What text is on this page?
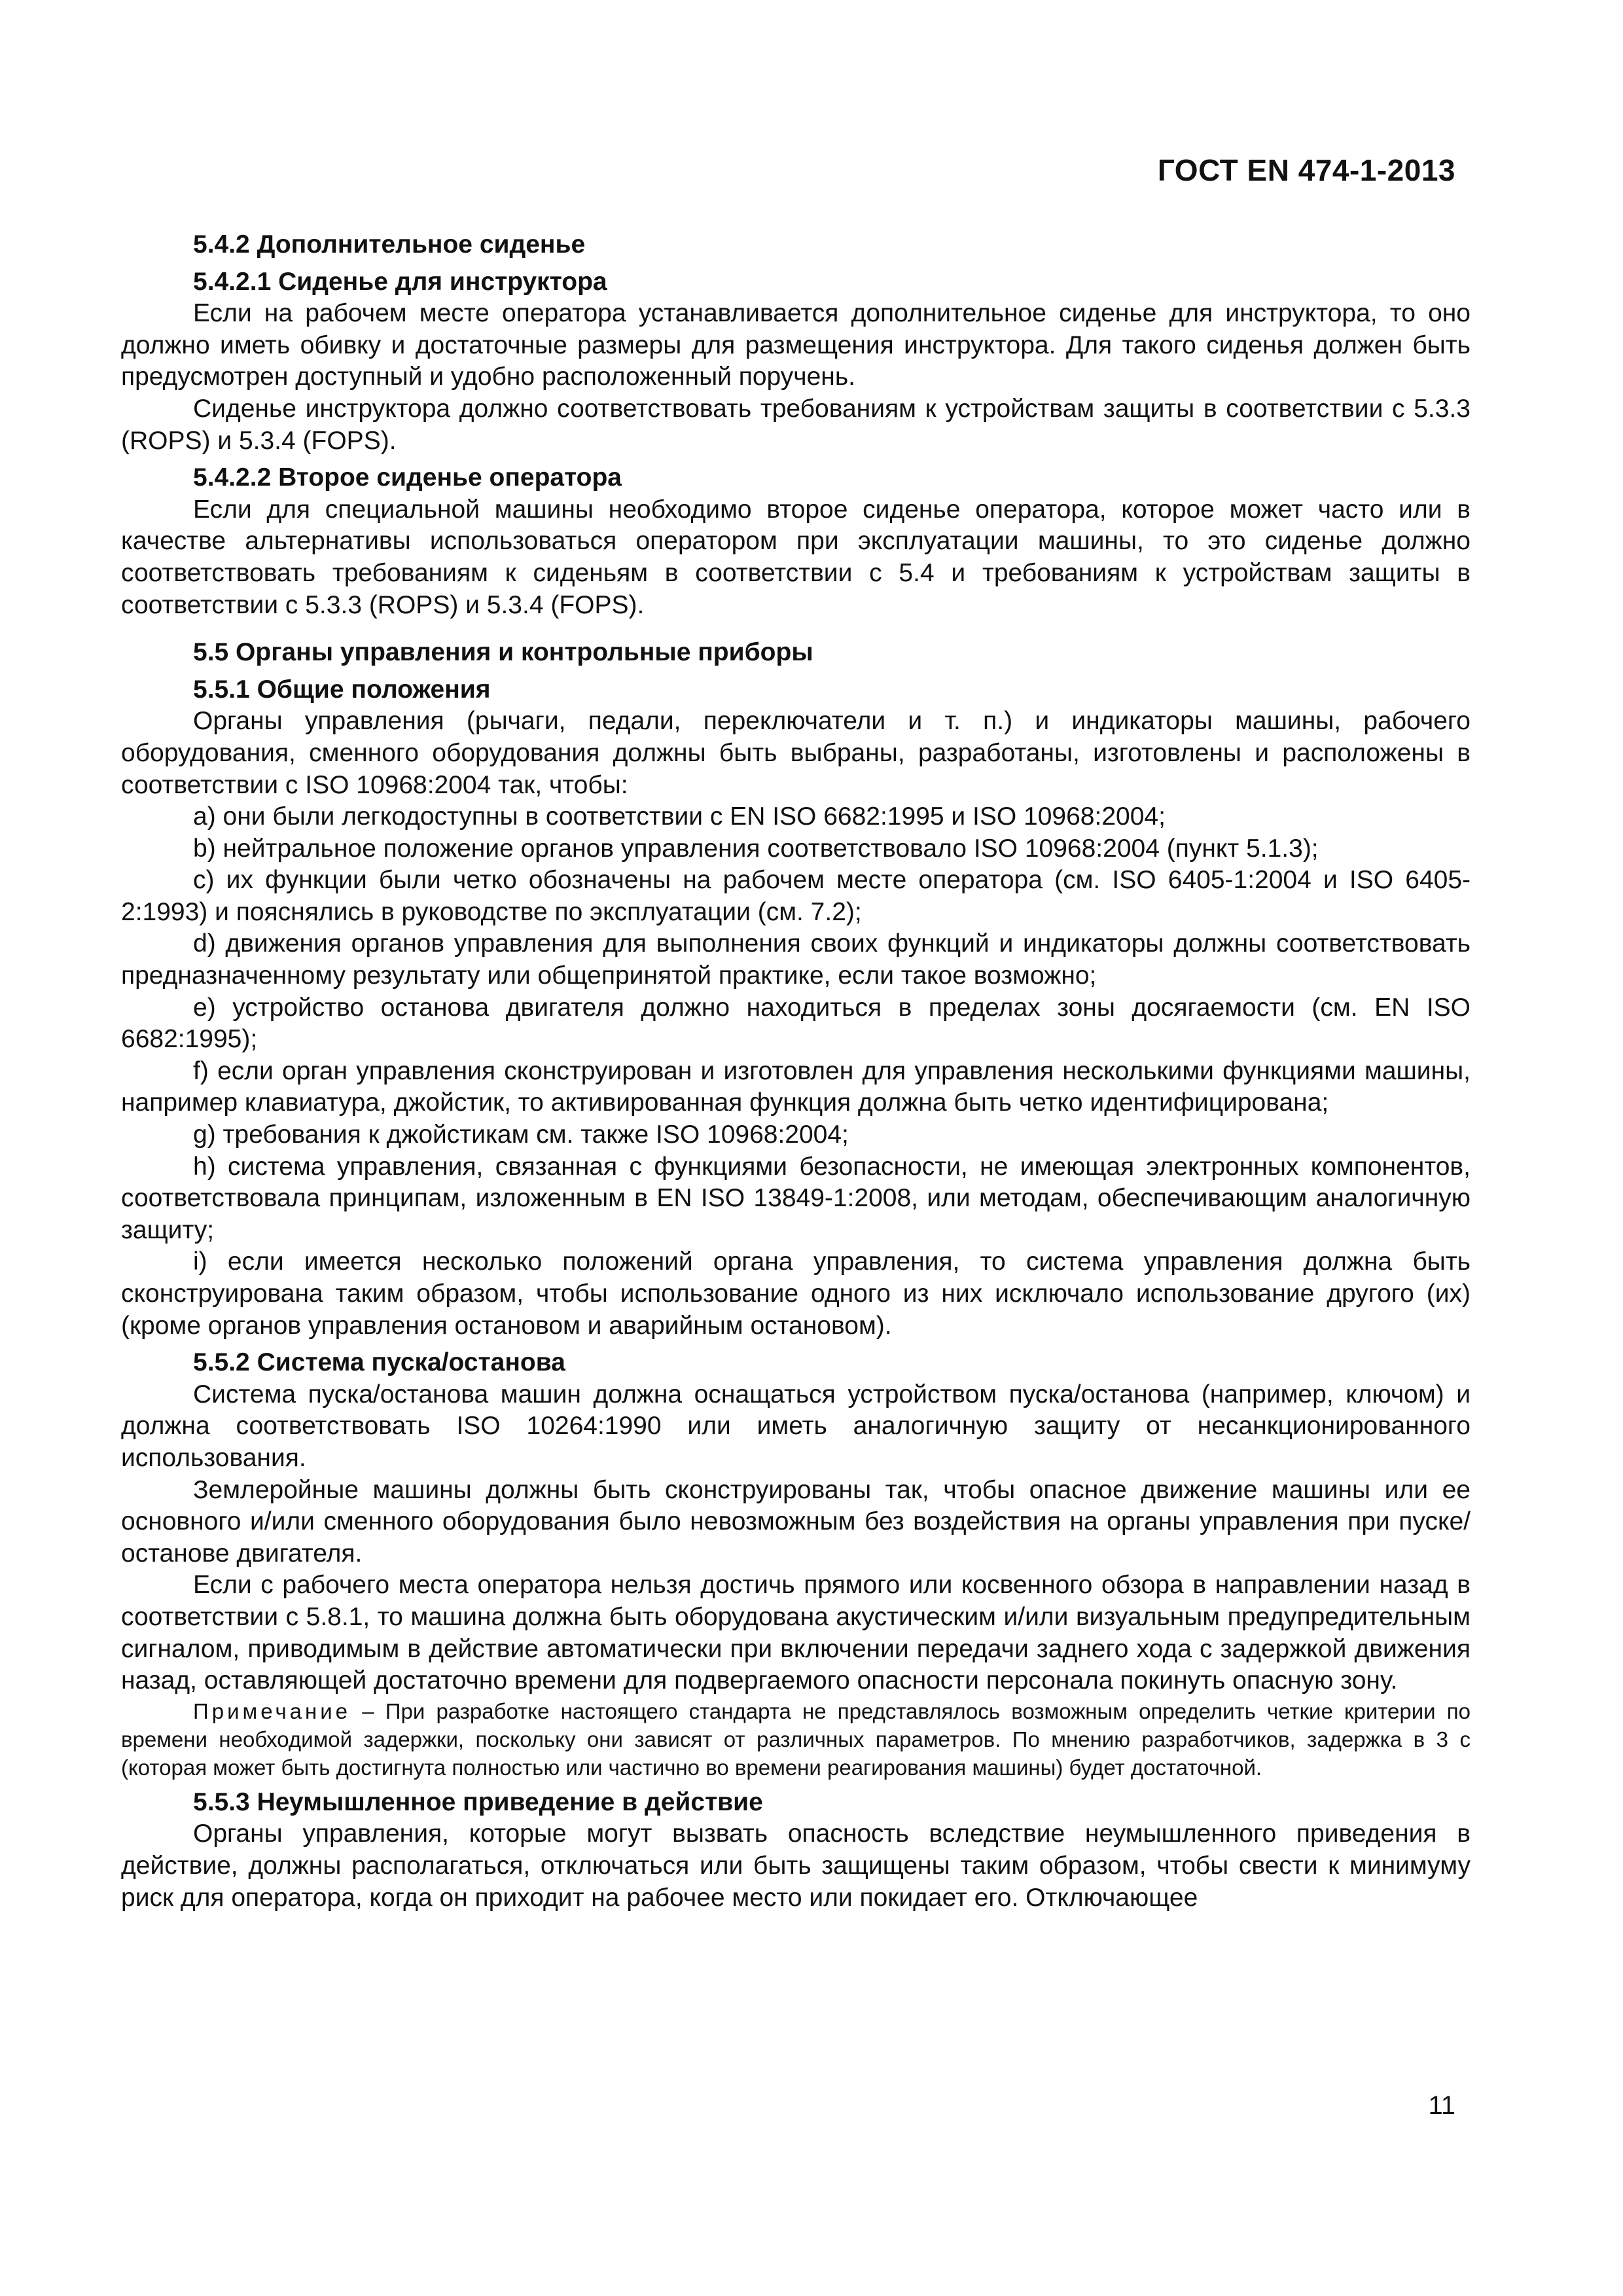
ГОСТ EN 474-1-2013
5.4.2 Дополнительное сиденье
5.4.2.1 Сиденье для инструктора

Если на рабочем месте оператора устанавливается дополнительное сиденье для инструктора, то оно должно иметь обивку и достаточные размеры для размещения инструктора. Для такого сиденья должен быть предусмотрен доступный и удобно расположенный поручень.

Сиденье инструктора должно соответствовать требованиям к устройствам защиты в соответствии с 5.3.3 (ROPS) и 5.3.4 (FOPS).

5.4.2.2 Второе сиденье оператора

Если для специальной машины необходимо второе сиденье оператора, которое может часто или в качестве альтернативы использоваться оператором при эксплуатации машины, то это сиденье должно соответствовать требованиям к сиденьям в соответствии с 5.4 и требованиям к устройствам защиты в соответствии с 5.3.3 (ROPS) и 5.3.4 (FOPS).

5.5 Органы управления и контрольные приборы
5.5.1 Общие положения

Органы управления (рычаги, педали, переключатели и т. п.) и индикаторы машины, рабочего оборудования, сменного оборудования должны быть выбраны, разработаны, изготовлены и расположены в соответствии с ISO 10968:2004 так, чтобы:

a) они были легкодоступны в соответствии с EN ISO 6682:1995 и ISO 10968:2004;

b) нейтральное положение органов управления соответствовало ISO 10968:2004 (пункт 5.1.3);

c) их функции были четко обозначены на рабочем месте оператора (см. ISO 6405-1:2004 и ISO 6405-2:1993) и пояснялись в руководстве по эксплуатации (см. 7.2);

d) движения органов управления для выполнения своих функций и индикаторы должны соответствовать предназначенному результату или общепринятой практике, если такое возможно;

e) устройство останова двигателя должно находиться в пределах зоны досягаемости (см. EN ISO 6682:1995);

f) если орган управления сконструирован и изготовлен для управления несколькими функциями машины, например клавиатура, джойстик, то активированная функция должна быть четко идентифицирована;

g) требования к джойстикам см. также ISO 10968:2004;

h) система управления, связанная с функциями безопасности, не имеющая электронных компонентов, соответствовала принципам, изложенным в EN ISO 13849-1:2008, или методам, обеспечивающим аналогичную защиту;

i) если имеется несколько положений органа управления, то система управления должна быть сконструирована таким образом, чтобы использование одного из них исключало использование другого (их) (кроме органов управления остановом и аварийным остановом).

5.5.2 Система пуска/останова

Система пуска/останова машин должна оснащаться устройством пуска/останова (например, ключом) и должна соответствовать ISO 10264:1990 или иметь аналогичную защиту от несанкционированного использования.

Землеройные машины должны быть сконструированы так, чтобы опасное движение машины или ее основного и/или сменного оборудования было невозможным без воздействия на органы управления при пуске/останове двигателя.

Если с рабочего места оператора нельзя достичь прямого или косвенного обзора в направлении назад в соответствии с 5.8.1, то машина должна быть оборудована акустическим и/или визуальным предупредительным сигналом, приводимым в действие автоматически при включении передачи заднего хода с задержкой движения назад, оставляющей достаточно времени для подвергаемого опасности персонала покинуть опасную зону.

Примечание – При разработке настоящего стандарта не представлялось возможным определить четкие критерии по времени необходимой задержки, поскольку они зависят от различных параметров. По мнению разработчиков, задержка в 3 с (которая может быть достигнута полностью или частично во времени реагирования машины) будет достаточной.

5.5.3 Неумышленное приведение в действие

Органы управления, которые могут вызвать опасность вследствие неумышленного приведения в действие, должны располагаться, отключаться или быть защищены таким образом, чтобы свести к минимуму риск для оператора, когда он приходит на рабочее место или покидает его. Отключающее

11
